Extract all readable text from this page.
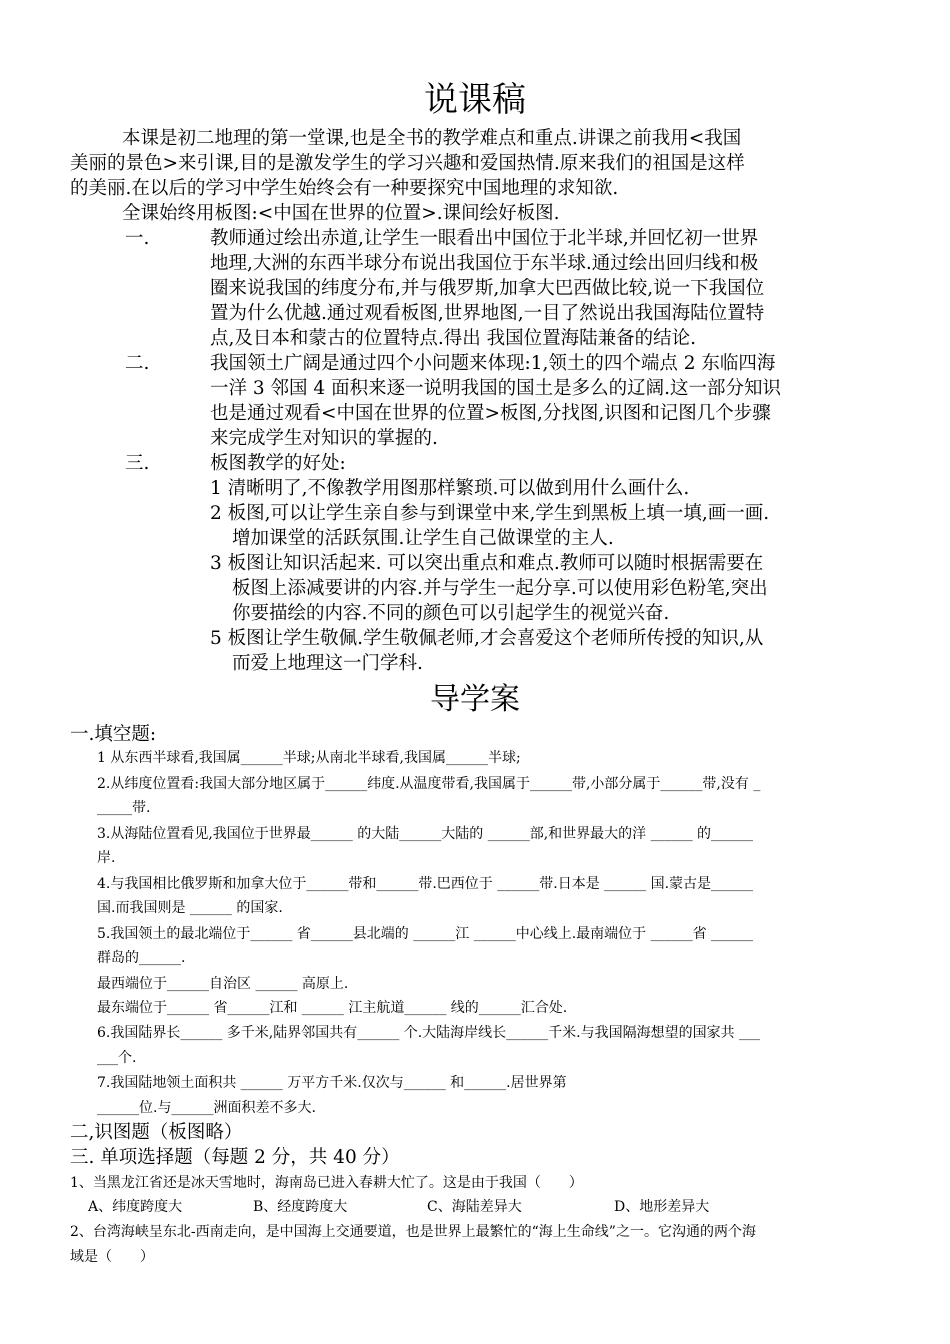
说课稿
本课是初二地理的第一堂课,也是全书的教学难点和重点.讲课之前我用<我国
美丽的景色>来引课,目的是激发学生的学习兴趣和爱国热情.原来我们的祖国是这样
的美丽.在以后的学习中学生始终会有一种要探究中国地理的求知欲.
全课始终用板图:<中国在世界的位置>.课间绘好板图.
一.	教师通过绘出赤道,让学生一眼看出中国位于北半球,并回忆初一世界
地理,大洲的东西半球分布说出我国位于东半球.通过绘出回归线和极
圈来说我国的纬度分布,并与俄罗斯,加拿大巴西做比较,说一下我国位
置为什么优越.通过观看板图,世界地图,一目了然说出我国海陆位置特
点,及日本和蒙古的位置特点.得出 我国位置海陆兼备的结论.
二.	我国领土广阔是通过四个小问题来体现:1,领土的四个端点 2 东临四海
一洋 3 邻国 4 面积来逐一说明我国的国土是多么的辽阔.这一部分知识
也是通过观看<中国在世界的位置>板图,分找图,识图和记图几个步骤
来完成学生对知识的掌握的.
三.	板图教学的好处:
1 清晰明了,不像教学用图那样繁琐.可以做到用什么画什么.
2 板图,可以让学生亲自参与到课堂中来,学生到黑板上填一填,画一画.
增加课堂的活跃氛围.让学生自己做课堂的主人.
3 板图让知识活起来. 可以突出重点和难点.教师可以随时根据需要在
板图上添减要讲的内容.并与学生一起分享.可以使用彩色粉笔,突出
你要描绘的内容.不同的颜色可以引起学生的视觉兴奋.
5 板图让学生敬佩.学生敬佩老师,才会喜爱这个老师所传授的知识,从
而爱上地理这一门学科.
导学案
一.填空题:
1 从东西半球看,我国属______半球;从南北半球看,我国属______半球;
2.从纬度位置看:我国大部分地区属于______纬度.从温度带看,我国属于______带,小部分属于______带,没有 _
_____带.
3.从海陆位置看见,我国位于世界最______ 的大陆______大陆的 ______部,和世界最大的洋 ______ 的______
岸.
4.与我国相比俄罗斯和加拿大位于______带和______带.巴西位于 ______带.日本是 ______ 国.蒙古是______
国.而我国则是 ______ 的国家.
5.我国领土的最北端位于______ 省______县北端的 ______江 ______中心线上.最南端位于 ______省 ______
群岛的______.
最西端位于______自治区 ______ 高原上.
最东端位于______ 省______江和 ______ 江主航道______ 线的______汇合处.
6.我国陆界长______ 多千米,陆界邻国共有______ 个.大陆海岸线长______千米.与我国隔海想望的国家共 ___
___个.
7.我国陆地领土面积共 ______ 万平方千米.仅次与______ 和______.居世界第
______位.与______洲面积差不多大.
二,识图题（板图略）
三. 单项选择题（每题 2 分，共 40 分）
1、当黑龙江省还是冰天雪地时，海南岛已进入春耕大忙了。这是由于我国（　　）
A、纬度跨度大	B、经度跨度大	C、海陆差异大	D、地形差异大
2、台湾海峡呈东北-西南走向，是中国海上交通要道，也是世界上最繁忙的“海上生命线”之一。它沟通的两个海
域是（　　）
